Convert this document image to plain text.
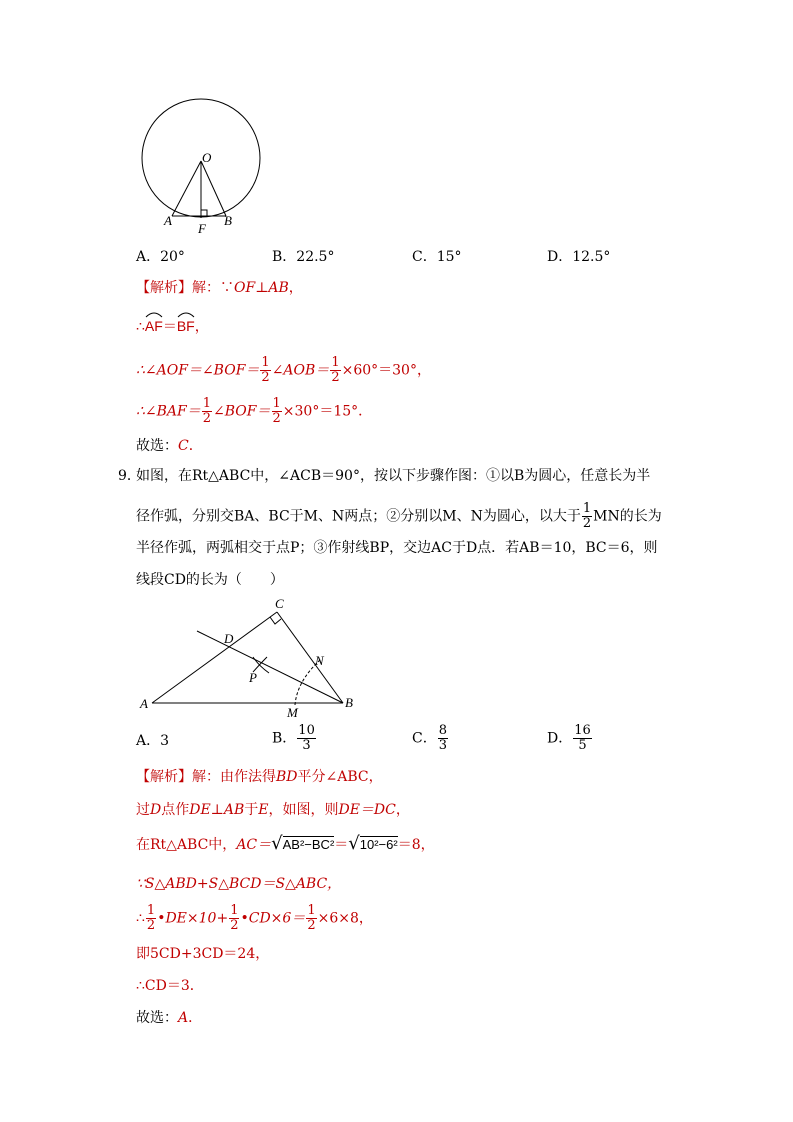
O
A	B
F
A．20°	B．22.5°	C．15°	D．12.5°
【解析】解：∵OF⊥AB，
∴
AF＝
BF，
∴∠AOF＝∠BOF＝ $\frac{1}{2}$ ∠AOB＝ $\frac{1}{2} \times 60^\circ=30^\circ$，
∴∠BAF＝ $\frac{1}{2}$ ∠BOF＝ $\frac{1}{2} \times 30^\circ=15^\circ$．
故选：C．
9．
如图，在Rt△ABC中，∠ACB＝90°，按以下步骤作图：①以B为圆心，任意长为半
径作弧，分别交BA、BC于M、N两点；②分别以M、N为圆心，以大于 $\frac{1}{2}$ MN的长为
半径作弧，两弧相交于点P；③作射线BP，交边AC于D点．若AB＝10，BC＝6，则
线段CD的长为（　　）
C
D
N
P
A
M
B
A．3	B． $\frac{10}{3}$	C． $\frac{8}{3}$	D． $\frac{16}{5}$
【解析】解：由作法得BD平分∠ABC，
过D点作DE⊥AB于E，如图，则DE＝DC，
在Rt△ABC中，AC＝√AB²−BC²＝√10²−6²＝8，
∵S△ABD+S△BCD＝S△ABC，
∴ $\frac{1}{2}$ •DE×10+ $\frac{1}{2}$ •CD×6＝ $\frac{1}{2} \times 6\times 8$，
即5CD+3CD＝24，
∴CD＝3．
故选：A．
